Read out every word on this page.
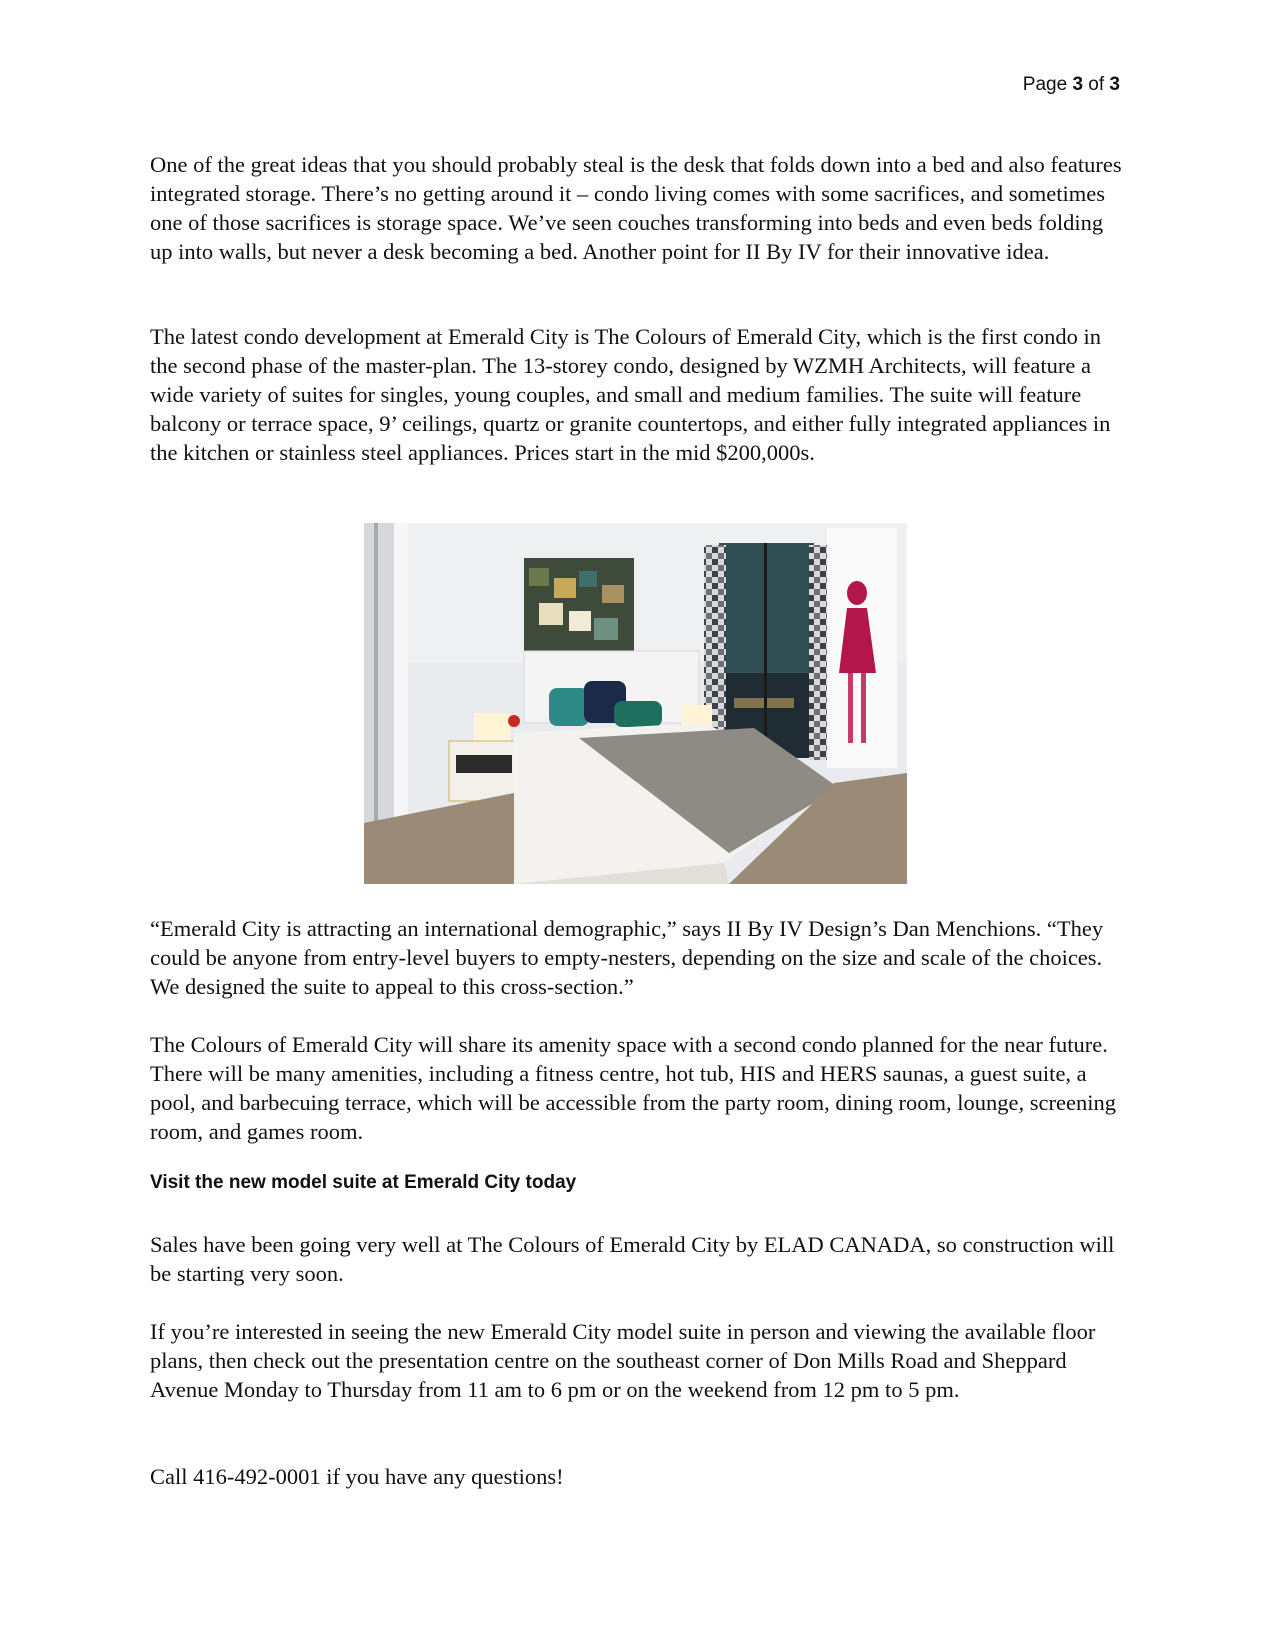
Page 3 of 3

One of the great ideas that you should probably steal is the desk that folds down into a bed and also features integrated storage. There’s no getting around it – condo living comes with some sacrifices, and sometimes one of those sacrifices is storage space. We’ve seen couches transforming into beds and even beds folding up into walls, but never a desk becoming a bed. Another point for II By IV for their innovative idea.

The latest condo development at Emerald City is The Colours of Emerald City, which is the first condo in the second phase of the master-plan. The 13-storey condo, designed by WZMH Architects, will feature a wide variety of suites for singles, young couples, and small and medium families. The suite will feature balcony or terrace space, 9’ ceilings, quartz or granite countertops, and either fully integrated appliances in the kitchen or stainless steel appliances. Prices start in the mid $200,000s.

“Emerald City is attracting an international demographic,” says II By IV Design’s Dan Menchions. “They could be anyone from entry-level buyers to empty-nesters, depending on the size and scale of the choices. We designed the suite to appeal to this cross-section.”

The Colours of Emerald City will share its amenity space with a second condo planned for the near future. There will be many amenities, including a fitness centre, hot tub, HIS and HERS saunas, a guest suite, a pool, and barbecuing terrace, which will be accessible from the party room, dining room, lounge, screening room, and games room.

Visit the new model suite at Emerald City today

Sales have been going very well at The Colours of Emerald City by ELAD CANADA, so construction will be starting very soon.

If you’re interested in seeing the new Emerald City model suite in person and viewing the available floor plans, then check out the presentation centre on the southeast corner of Don Mills Road and Sheppard Avenue Monday to Thursday from 11 am to 6 pm or on the weekend from 12 pm to 5 pm.

Call 416-492-0001 if you have any questions!
